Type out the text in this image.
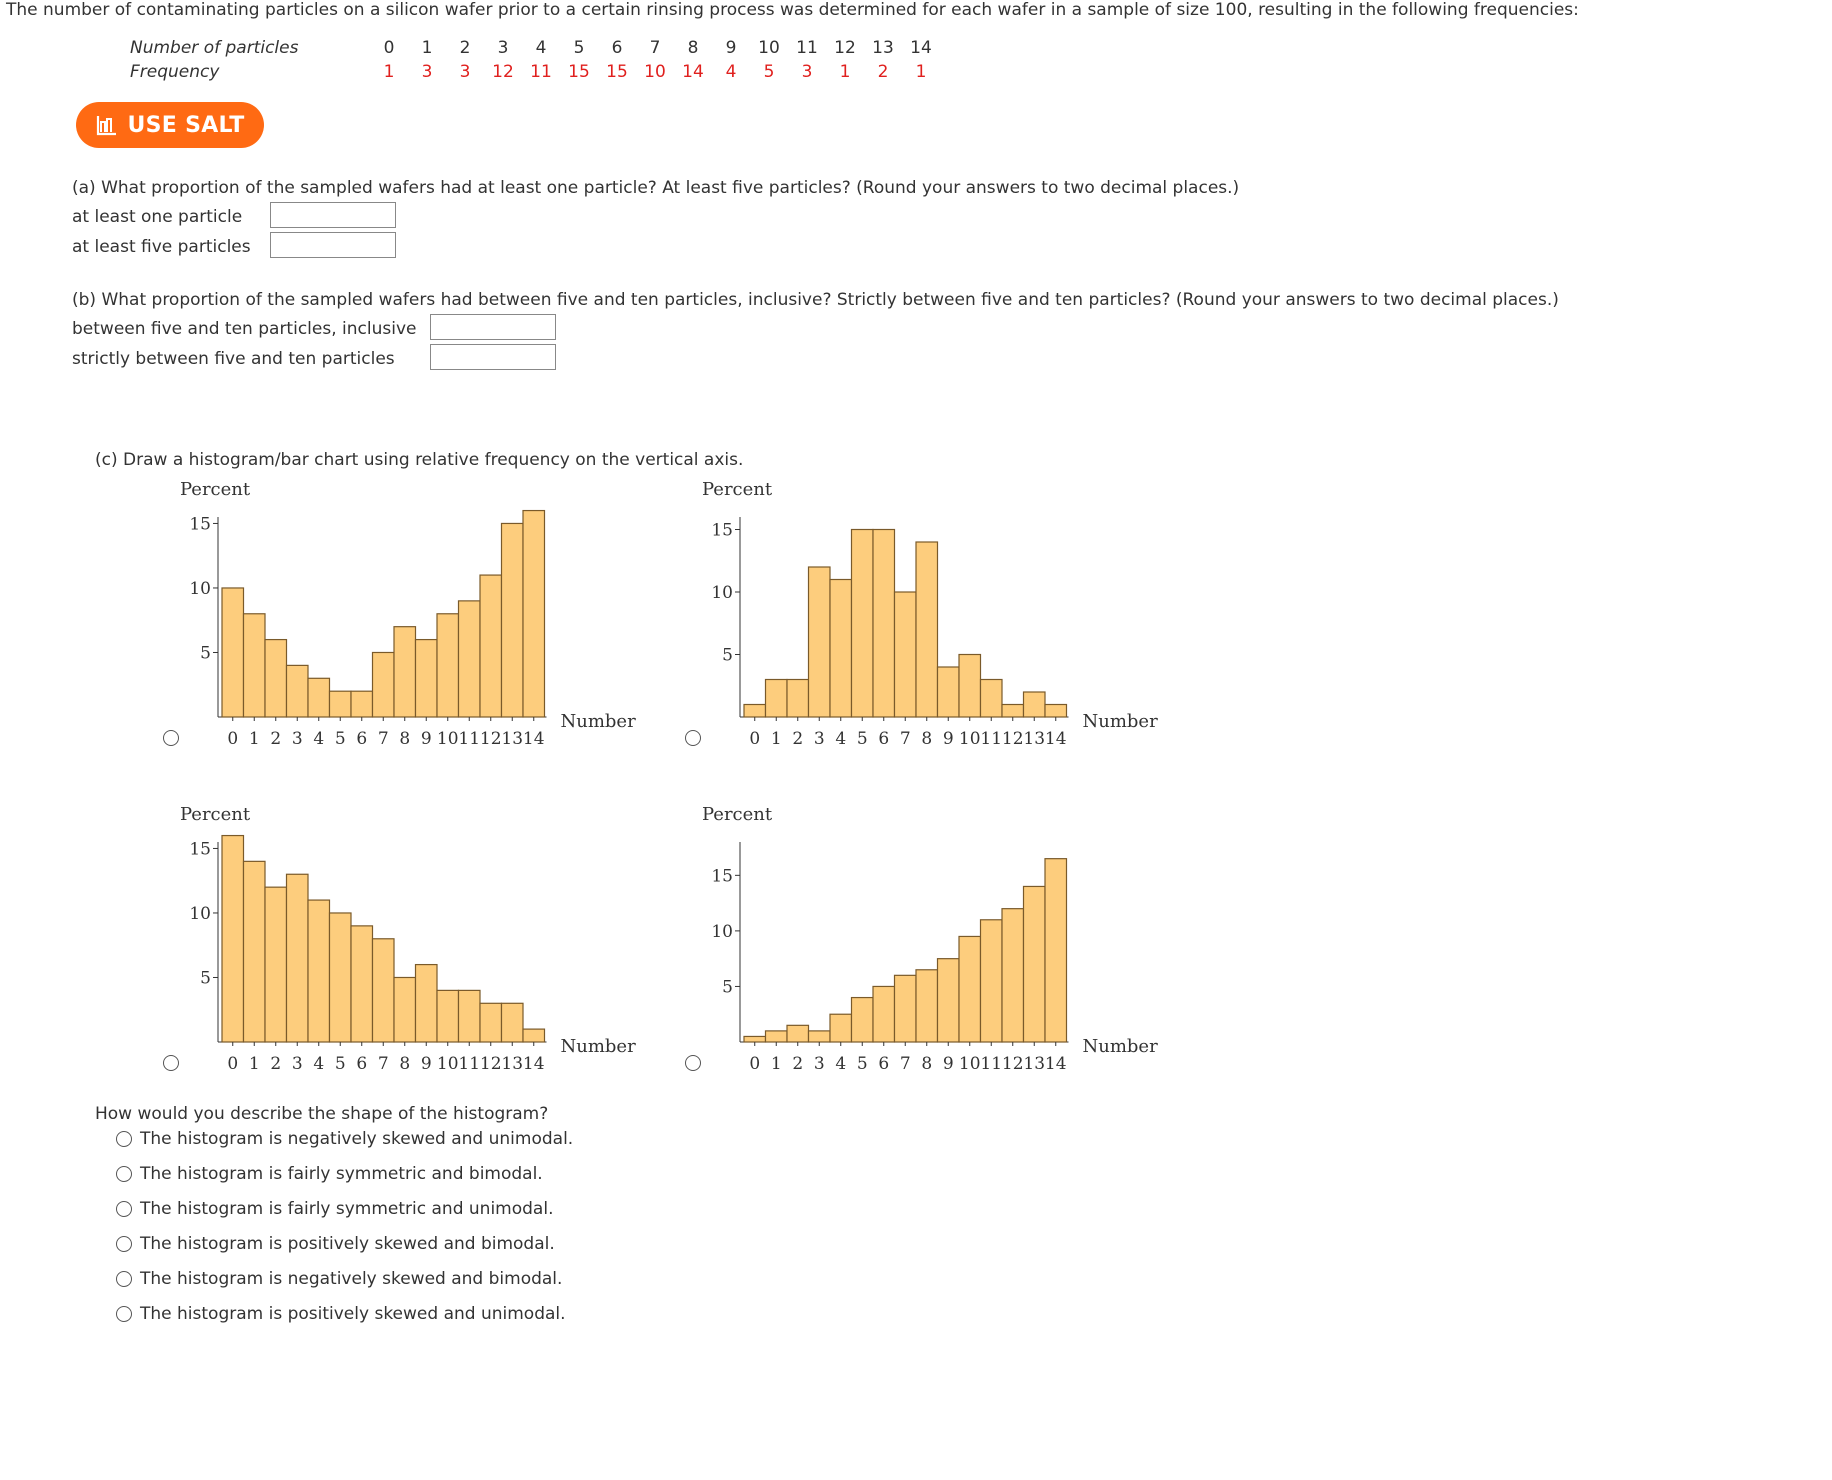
The number of contaminating particles on a silicon wafer prior to a certain rinsing process was determined for each wafer in a sample of size 100, resulting in the following frequencies:
Number of particles	0	1	2	3	4	5	6	7	8	9	10	11	12	13	14
Frequency	1	3	3	12	11	15	15	10	14	4	5	3	1	2	1
USE SALT
(a) What proportion of the sampled wafers had at least one particle? At least five particles? (Round your answers to two decimal places.)
at least one particle
at least five particles
(b) What proportion of the sampled wafers had between five and ten particles, inclusive? Strictly between five and ten particles? (Round your answers to two decimal places.)
between five and ten particles, inclusive
strictly between five and ten particles
(c) Draw a histogram/bar chart using relative frequency on the vertical axis.
Percent
5
10
15
0 1 2 3 4 5 6 7 8 9 10 11 12 13 14
Number
Percent
5
10
15
0 1 2 3 4 5 6 7 8 9 10 11 12 13 14
Number
Percent
5
10
15
0 1 2 3 4 5 6 7 8 9 10 11 12 13 14
Number
Percent
5
10
15
0 1 2 3 4 5 6 7 8 9 10 11 12 13 14
Number
How would you describe the shape of the histogram?
The histogram is negatively skewed and unimodal.
The histogram is fairly symmetric and bimodal.
The histogram is fairly symmetric and unimodal.
The histogram is positively skewed and bimodal.
The histogram is negatively skewed and bimodal.
The histogram is positively skewed and unimodal.
